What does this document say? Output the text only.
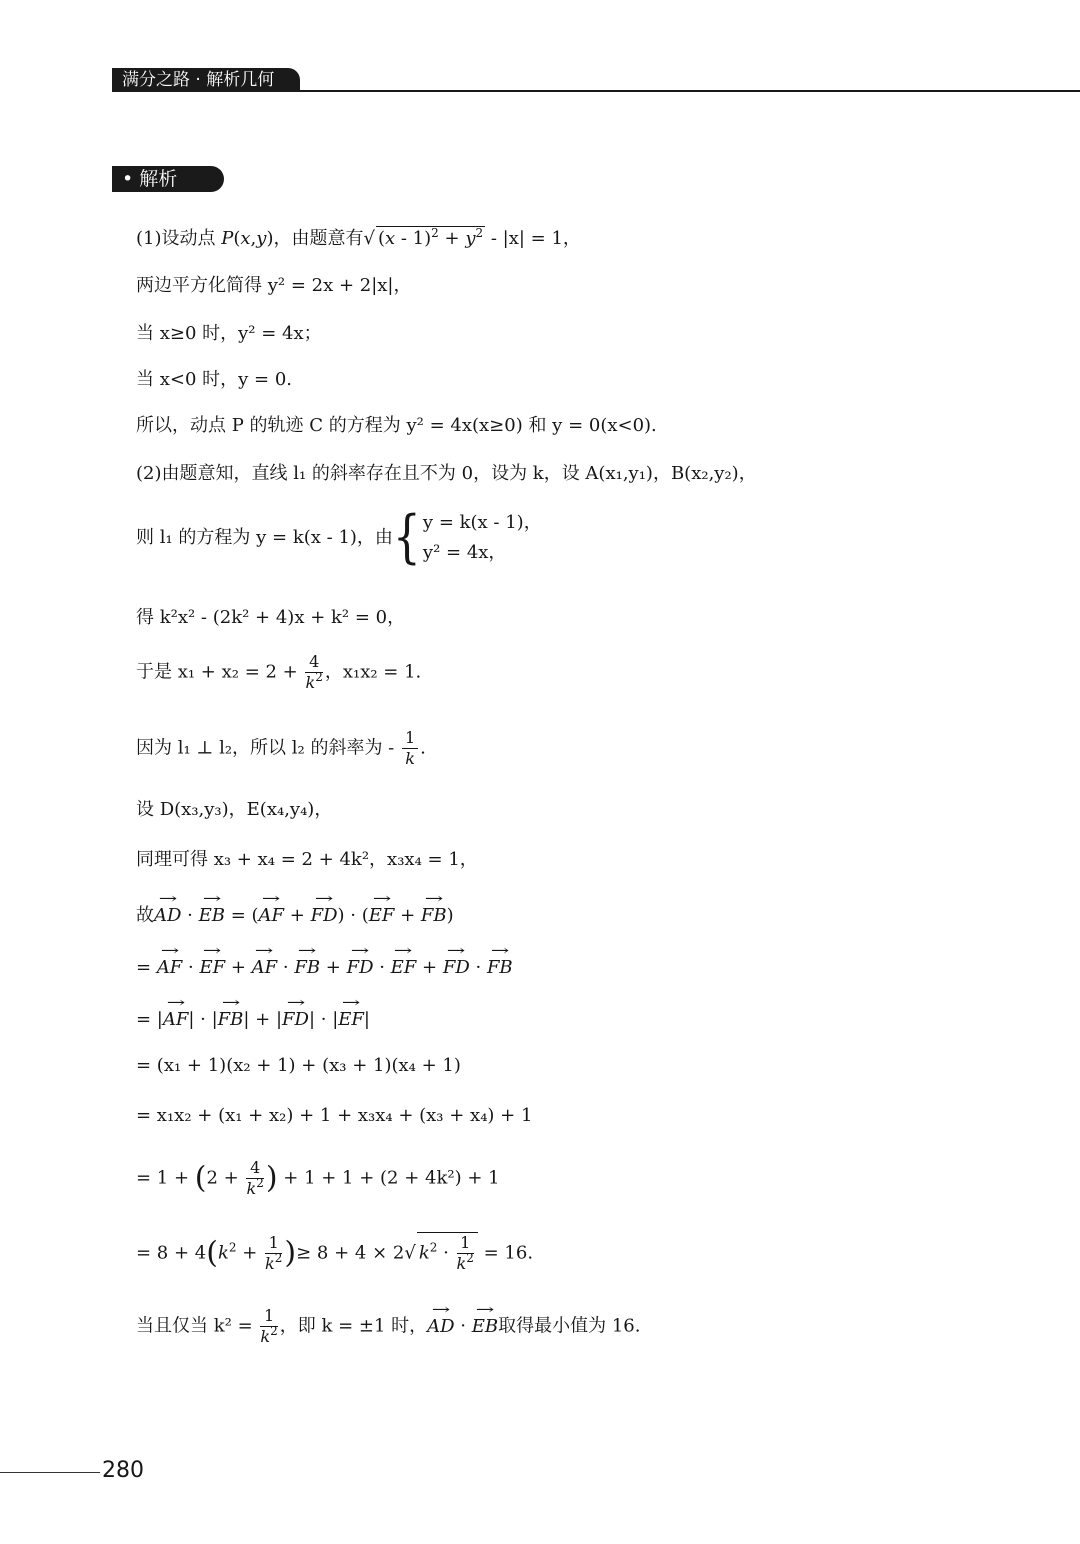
满分之路 · 解析几何
• 解析
(1)设动点 P(x,y)，由题意有√ $(x - 1)^2 + y^2 - |x| = 1$，
两边平方化简得 y² = 2x + 2|x|，
当 x≥0 时，y² = 4x；
当 x<0 时，y = 0.
所以，动点 P 的轨迹 C 的方程为 y² = 4x(x≥0) 和 y = 0(x<0).
(2)由题意知，直线 l₁ 的斜率存在且不为 0，设为 k，设 A(x₁,y₁)，B(x₂,y₂)，
则 l₁ 的方程为 y = k(x - 1)，由{ y = k(x - 1)，
y² = 4x，
得 k²x² - (2k² + 4)x + k² = 0，
于是 $x_1 + x_2 = 2 + \frac{4}{k^2}$ ，x₁x₂ = 1.
因为 l₁ ⊥ l₂，所以 l₂ 的斜率为 - $\frac{1}{k}$ .
设 D(x₃,y₃)，E(x₄,y₄)，
同理可得 x₃ + x₄ = 2 + 4k²，x₃x₄ = 1，
故→ AD · → EB = (→ AF + → FD) · (→ EF + → FB)
= → AF · → EF + → AF · → FB + → FD · → EF + → FD · → FB
= |→ AF| · |→ FB| + |→ FD| · |→ EF|
= (x₁ + 1)(x₂ + 1) + (x₃ + 1)(x₄ + 1)
= x₁x₂ + (x₁ + x₂) + 1 + x₃x₄ + (x₃ + x₄) + 1
= $1 + (2 + \frac{4}{k^2}$ ) + 1 + 1 + (2 + 4k²) + 1
= $8 + 4(k^2 + \frac{1}{k^2}$ )≥ 8 + 4 × 2√ $k^2 \cdot \frac{1}{k^2} = 16$.
当且仅当 $k^2 = \frac{1}{k^2}$ ，即 k = ±1 时，→ AD · → EB取得最小值为 16.
280
